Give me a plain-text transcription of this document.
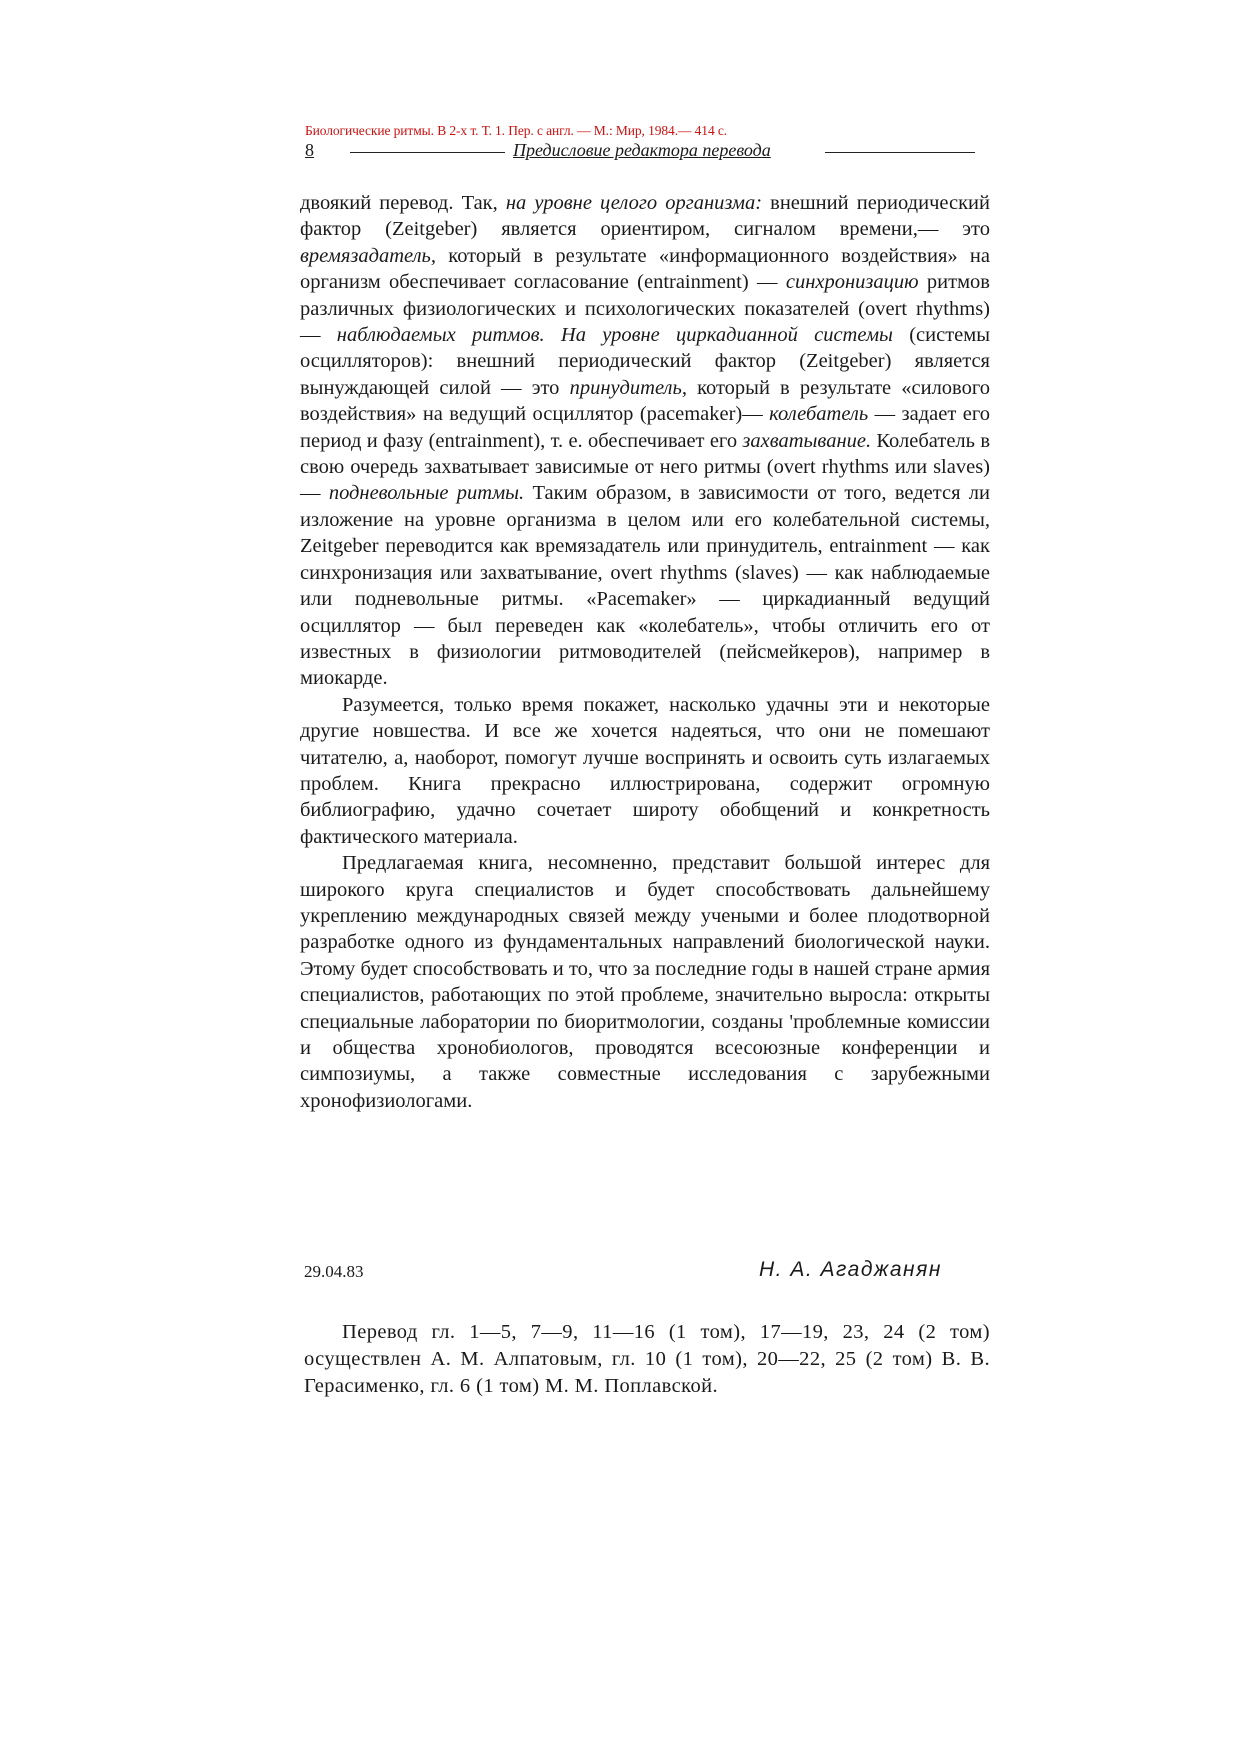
Биологические ритмы. В 2-х т. Т. 1. Пер. с англ. — М.: Мир, 1984.— 414 с.
8	Предисловие редактора перевода

двоякий перевод. Так, на уровне целого организма: внешний периодический фактор (Zeitgeber) является ориентиром, сигналом времени,— это времязадатель, который в результате «информационного воздействия» на организм обеспечивает согласование (entrainment) — синхронизацию ритмов различных физиологических и психологических показателей (overt rhythms) — наблюдаемых ритмов. На уровне циркадианной системы (системы осцилляторов): внешний периодический фактор (Zeitgeber) является вынуждающей силой — это принудитель, который в результате «силового воздействия» на ведущий осциллятор (pacemaker)— колебатель — задает его период и фазу (entrainment), т. е. обеспечивает его захватывание. Колебатель в свою очередь захватывает зависимые от него ритмы (overt rhythms или slaves) — подневольные ритмы. Таким образом, в зависимости от того, ведется ли изложение на уровне организма в целом или его колебательной системы, Zeitgeber переводится как времязадатель или принудитель, entrainment — как синхронизация или захватывание, overt rhythms (slaves) — как наблюдаемые или подневольные ритмы. «Pacemaker» — циркадианный ведущий осциллятор — был переведен как «колебатель», чтобы отличить его от известных в физиологии ритмоводителей (пейсмейкеров), например в миокарде.

Разумеется, только время покажет, насколько удачны эти и некоторые другие новшества. И все же хочется надеяться, что они не помешают читателю, а, наоборот, помогут лучше воспринять и освоить суть излагаемых проблем. Книга прекрасно иллюстрирована, содержит огромную библиографию, удачно сочетает широту обобщений и конкретность фактического материала.

Предлагаемая книга, несомненно, представит большой интерес для широкого круга специалистов и будет способствовать дальнейшему укреплению международных связей между учеными и более плодотворной разработке одного из фундаментальных направлений биологической науки. Этому будет способствовать и то, что за последние годы в нашей стране армия специалистов, работающих по этой проблеме, значительно выросла: открыты специальные лаборатории по биоритмологии, созданы 'проблемные комиссии и общества хронобиологов, проводятся всесоюзные конференции и симпозиумы, а также совместные исследования с зарубежными хронофизиологами.

29.04.83	Н. А. Агаджанян

Перевод гл. 1—5, 7—9, 11—16 (1 том), 17—19, 23, 24 (2 том) осуществлен А. М. Алпатовым, гл. 10 (1 том), 20—22, 25 (2 том) В. В. Герасименко, гл. 6 (1 том) М. М. Поплавской.
